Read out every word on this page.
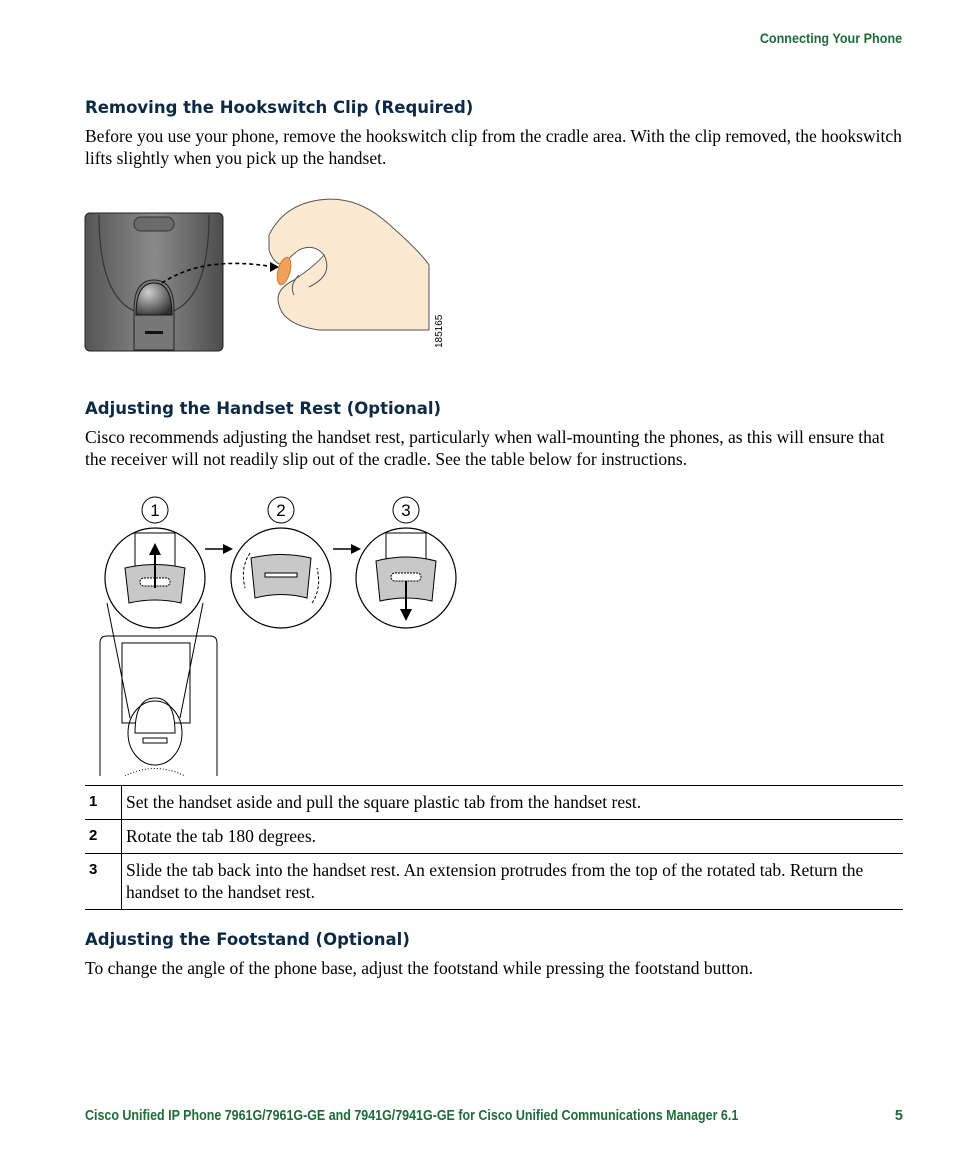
Connecting Your Phone
Removing the Hookswitch Clip (Required)

Before you use your phone, remove the hookswitch clip from the cradle area. With the clip removed, the hookswitch lifts slightly when you pick up the handset.

185165
Adjusting the Handset Rest (Optional)

Cisco recommends adjusting the handset rest, particularly when wall-mounting the phones, as this will ensure that the receiver will not readily slip out of the cradle. See the table below for instructions.

1	2	3
1	Set the handset aside and pull the square plastic tab from the handset rest.
2	Rotate the tab 180 degrees.
3	Slide the tab back into the handset rest. An extension protrudes from the top of the rotated tab. Return the handset to the handset rest.
Adjusting the Footstand (Optional)

To change the angle of the phone base, adjust the footstand while pressing the footstand button.

Cisco Unified IP Phone 7961G/7961G-GE and 7941G/7941G-GE for Cisco Unified Communications Manager 6.1	5
